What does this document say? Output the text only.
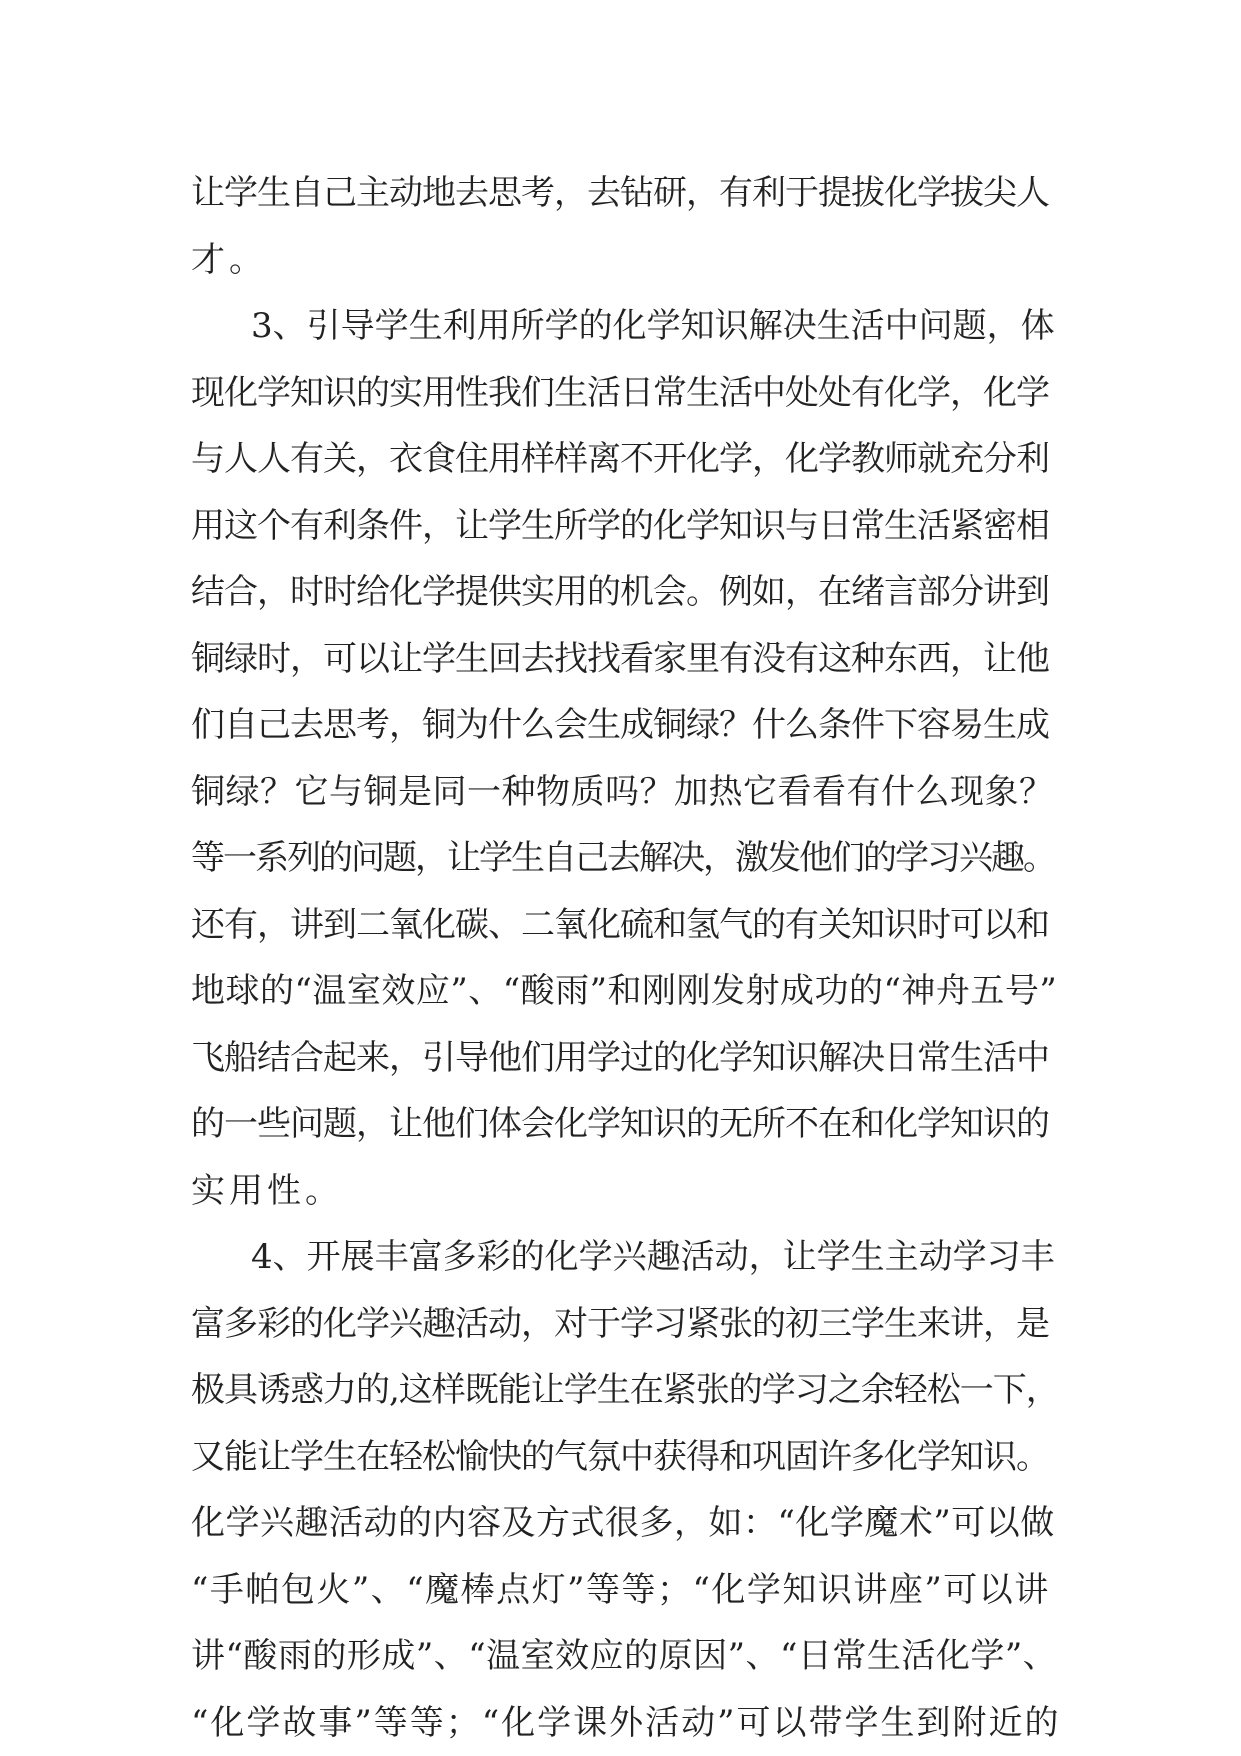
让学生自己主动地去思考，去钻研，有利于提拔化学拔尖人
才。
3、引导学生利用所学的化学知识解决生活中问题，体
现化学知识的实用性我们生活日常生活中处处有化学，化学
与人人有关，衣食住用样样离不开化学，化学教师就充分利
用这个有利条件，让学生所学的化学知识与日常生活紧密相
结合，时时给化学提供实用的机会。例如，在绪言部分讲到
铜绿时，可以让学生回去找找看家里有没有这种东西，让他
们自己去思考，铜为什么会生成铜绿？什么条件下容易生成
铜绿？它与铜是同一种物质吗？加热它看看有什么现象？
等一系列的问题，让学生自己去解决，激发他们的学习兴趣。
还有，讲到二氧化碳、二氧化硫和氢气的有关知识时可以和
地球的“温室效应”、“酸雨”和刚刚发射成功的“神舟五号”
飞船结合起来，引导他们用学过的化学知识解决日常生活中
的一些问题，让他们体会化学知识的无所不在和化学知识的
实用性。
4、开展丰富多彩的化学兴趣活动，让学生主动学习丰
富多彩的化学兴趣活动，对于学习紧张的初三学生来讲，是
极具诱惑力的,这样既能让学生在紧张的学习之余轻松一下，
又能让学生在轻松愉快的气氛中获得和巩固许多化学知识。
化学兴趣活动的内容及方式很多，如：“化学魔术”可以做
“手帕包火”、“魔棒点灯”等等；“化学知识讲座”可以讲
讲“酸雨的形成”、“温室效应的原因”、“日常生活化学”、
“化学故事”等等；“化学课外活动”可以带学生到附近的
